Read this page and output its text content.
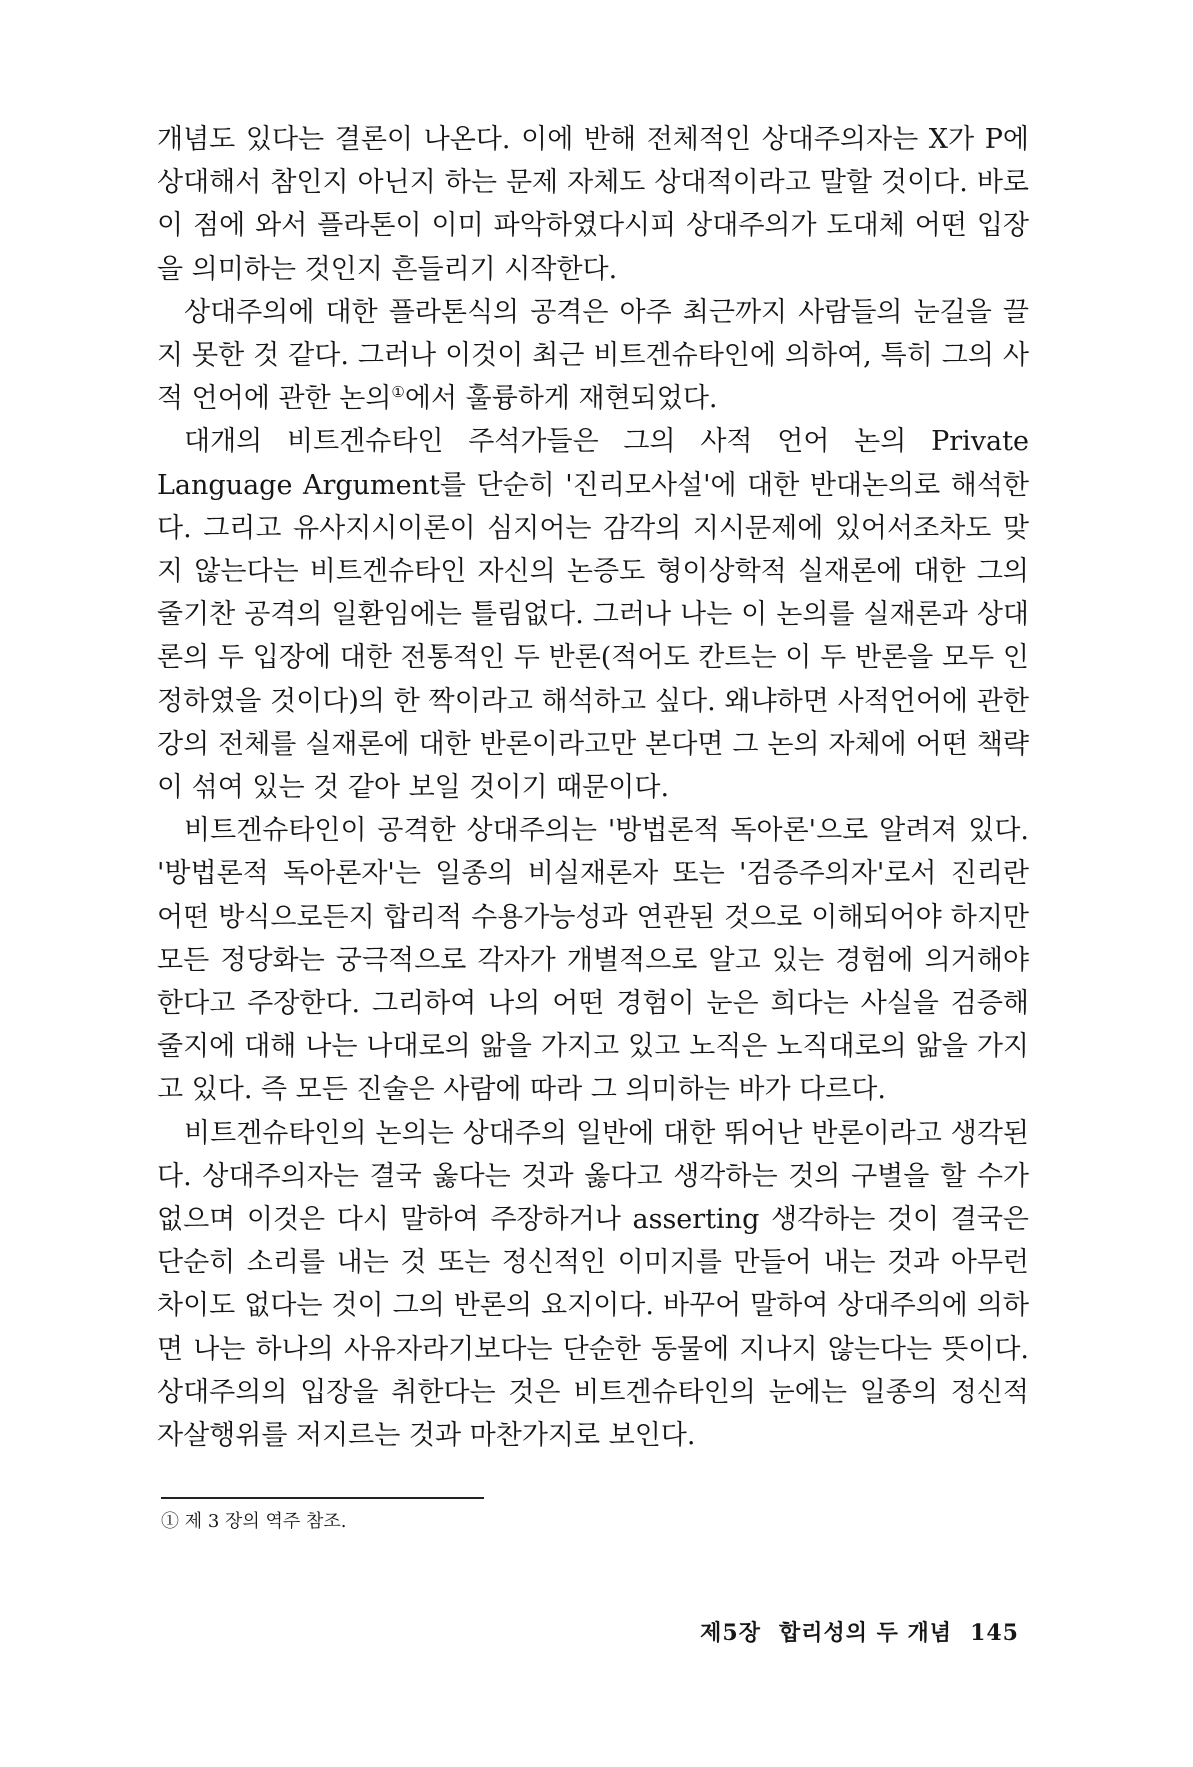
개념도 있다는 결론이 나온다. 이에 반해 전체적인 상대주의자는 X가 P에 상대해서 참인지 아닌지 하는 문제 자체도 상대적이라고 말할 것이다. 바로 이 점에 와서 플라톤이 이미 파악하였다시피 상대주의가 도대체 어떤 입장을 의미하는 것인지 흔들리기 시작한다.

상대주의에 대한 플라톤식의 공격은 아주 최근까지 사람들의 눈길을 끌지 못한 것 같다. 그러나 이것이 최근 비트겐슈타인에 의하여, 특히 그의 사적 언어에 관한 논의①에서 훌륭하게 재현되었다.

대개의 비트겐슈타인 주석가들은 그의 사적 언어 논의 Private Language Argument를 단순히 '진리모사설'에 대한 반대논의로 해석한다. 그리고 유사지시이론이 심지어는 감각의 지시문제에 있어서조차도 맞지 않는다는 비트겐슈타인 자신의 논증도 형이상학적 실재론에 대한 그의 줄기찬 공격의 일환임에는 틀림없다. 그러나 나는 이 논의를 실재론과 상대론의 두 입장에 대한 전통적인 두 반론(적어도 칸트는 이 두 반론을 모두 인정하였을 것이다)의 한 짝이라고 해석하고 싶다. 왜냐하면 사적언어에 관한 강의 전체를 실재론에 대한 반론이라고만 본다면 그 논의 자체에 어떤 책략이 섞여 있는 것 같아 보일 것이기 때문이다.

비트겐슈타인이 공격한 상대주의는 '방법론적 독아론'으로 알려져 있다. '방법론적 독아론자'는 일종의 비실재론자 또는 '검증주의자'로서 진리란 어떤 방식으로든지 합리적 수용가능성과 연관된 것으로 이해되어야 하지만 모든 정당화는 궁극적으로 각자가 개별적으로 알고 있는 경험에 의거해야 한다고 주장한다. 그리하여 나의 어떤 경험이 눈은 희다는 사실을 검증해 줄지에 대해 나는 나대로의 앎을 가지고 있고 노직은 노직대로의 앎을 가지고 있다. 즉 모든 진술은 사람에 따라 그 의미하는 바가 다르다.

비트겐슈타인의 논의는 상대주의 일반에 대한 뛰어난 반론이라고 생각된다. 상대주의자는 결국 옳다는 것과 옳다고 생각하는 것의 구별을 할 수가 없으며 이것은 다시 말하여 주장하거나 asserting 생각하는 것이 결국은 단순히 소리를 내는 것 또는 정신적인 이미지를 만들어 내는 것과 아무런 차이도 없다는 것이 그의 반론의 요지이다. 바꾸어 말하여 상대주의에 의하면 나는 하나의 사유자라기보다는 단순한 동물에 지나지 않는다는 뜻이다. 상대주의의 입장을 취한다는 것은 비트겐슈타인의 눈에는 일종의 정신적 자살행위를 저지르는 것과 마찬가지로 보인다.

① 제 3 장의 역주 참조.
제5장 합리성의 두 개념 145
